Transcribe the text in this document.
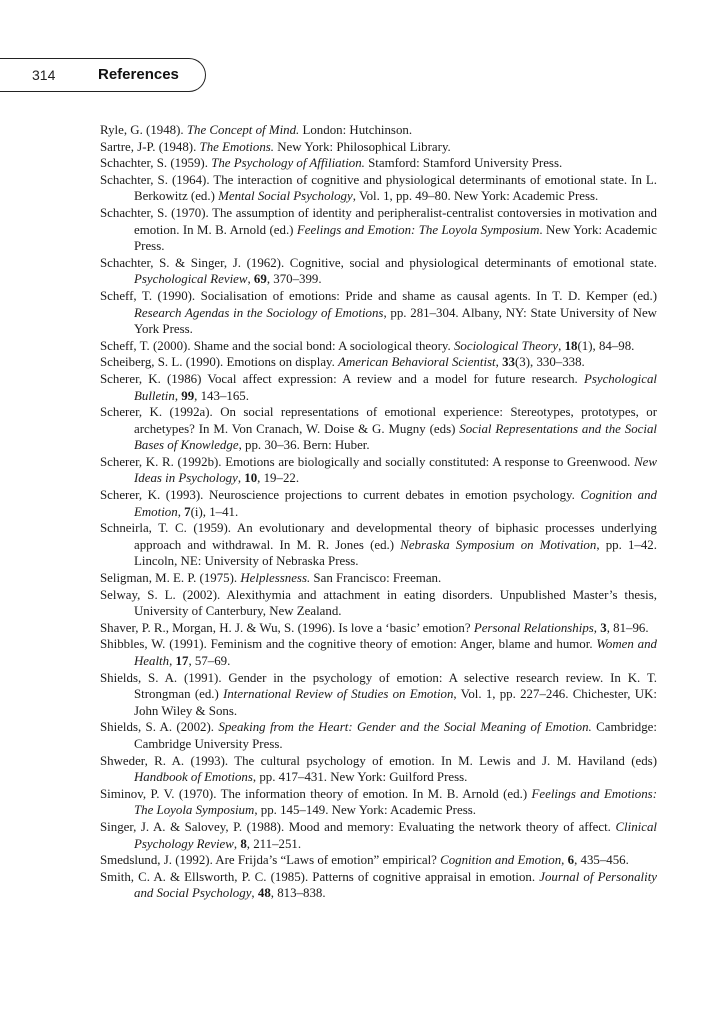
314	References
Ryle, G. (1948). The Concept of Mind. London: Hutchinson.
Sartre, J-P. (1948). The Emotions. New York: Philosophical Library.
Schachter, S. (1959). The Psychology of Affiliation. Stamford: Stamford University Press.
Schachter, S. (1964). The interaction of cognitive and physiological determinants of emotional state. In L. Berkowitz (ed.) Mental Social Psychology, Vol. 1, pp. 49–80. New York: Academic Press.
Schachter, S. (1970). The assumption of identity and peripheralist-centralist contoversies in motivation and emotion. In M. B. Arnold (ed.) Feelings and Emotion: The Loyola Symposium. New York: Academic Press.
Schachter, S. & Singer, J. (1962). Cognitive, social and physiological determinants of emotional state. Psychological Review, 69, 370–399.
Scheff, T. (1990). Socialisation of emotions: Pride and shame as causal agents. In T. D. Kemper (ed.) Research Agendas in the Sociology of Emotions, pp. 281–304. Albany, NY: State University of New York Press.
Scheff, T. (2000). Shame and the social bond: A sociological theory. Sociological Theory, 18(1), 84–98.
Scheiberg, S. L. (1990). Emotions on display. American Behavioral Scientist, 33(3), 330–338.
Scherer, K. (1986) Vocal affect expression: A review and a model for future research. Psychological Bulletin, 99, 143–165.
Scherer, K. (1992a). On social representations of emotional experience: Stereotypes, prototypes, or archetypes? In M. Von Cranach, W. Doise & G. Mugny (eds) Social Representations and the Social Bases of Knowledge, pp. 30–36. Bern: Huber.
Scherer, K. R. (1992b). Emotions are biologically and socially constituted: A response to Greenwood. New Ideas in Psychology, 10, 19–22.
Scherer, K. (1993). Neuroscience projections to current debates in emotion psychology. Cognition and Emotion, 7(i), 1–41.
Schneirla, T. C. (1959). An evolutionary and developmental theory of biphasic processes underlying approach and withdrawal. In M. R. Jones (ed.) Nebraska Symposium on Motivation, pp. 1–42. Lincoln, NE: University of Nebraska Press.
Seligman, M. E. P. (1975). Helplessness. San Francisco: Freeman.
Selway, S. L. (2002). Alexithymia and attachment in eating disorders. Unpublished Master’s thesis, University of Canterbury, New Zealand.
Shaver, P. R., Morgan, H. J. & Wu, S. (1996). Is love a ‘basic’ emotion? Personal Relationships, 3, 81–96.
Shibbles, W. (1991). Feminism and the cognitive theory of emotion: Anger, blame and humor. Women and Health, 17, 57–69.
Shields, S. A. (1991). Gender in the psychology of emotion: A selective research review. In K. T. Strongman (ed.) International Review of Studies on Emotion, Vol. 1, pp. 227–246. Chichester, UK: John Wiley & Sons.
Shields, S. A. (2002). Speaking from the Heart: Gender and the Social Meaning of Emotion. Cambridge: Cambridge University Press.
Shweder, R. A. (1993). The cultural psychology of emotion. In M. Lewis and J. M. Haviland (eds) Handbook of Emotions, pp. 417–431. New York: Guilford Press.
Siminov, P. V. (1970). The information theory of emotion. In M. B. Arnold (ed.) Feelings and Emotions: The Loyola Symposium, pp. 145–149. New York: Academic Press.
Singer, J. A. & Salovey, P. (1988). Mood and memory: Evaluating the network theory of affect. Clinical Psychology Review, 8, 211–251.
Smedslund, J. (1992). Are Frijda’s “Laws of emotion” empirical? Cognition and Emotion, 6, 435–456.
Smith, C. A. & Ellsworth, P. C. (1985). Patterns of cognitive appraisal in emotion. Journal of Personality and Social Psychology, 48, 813–838.
